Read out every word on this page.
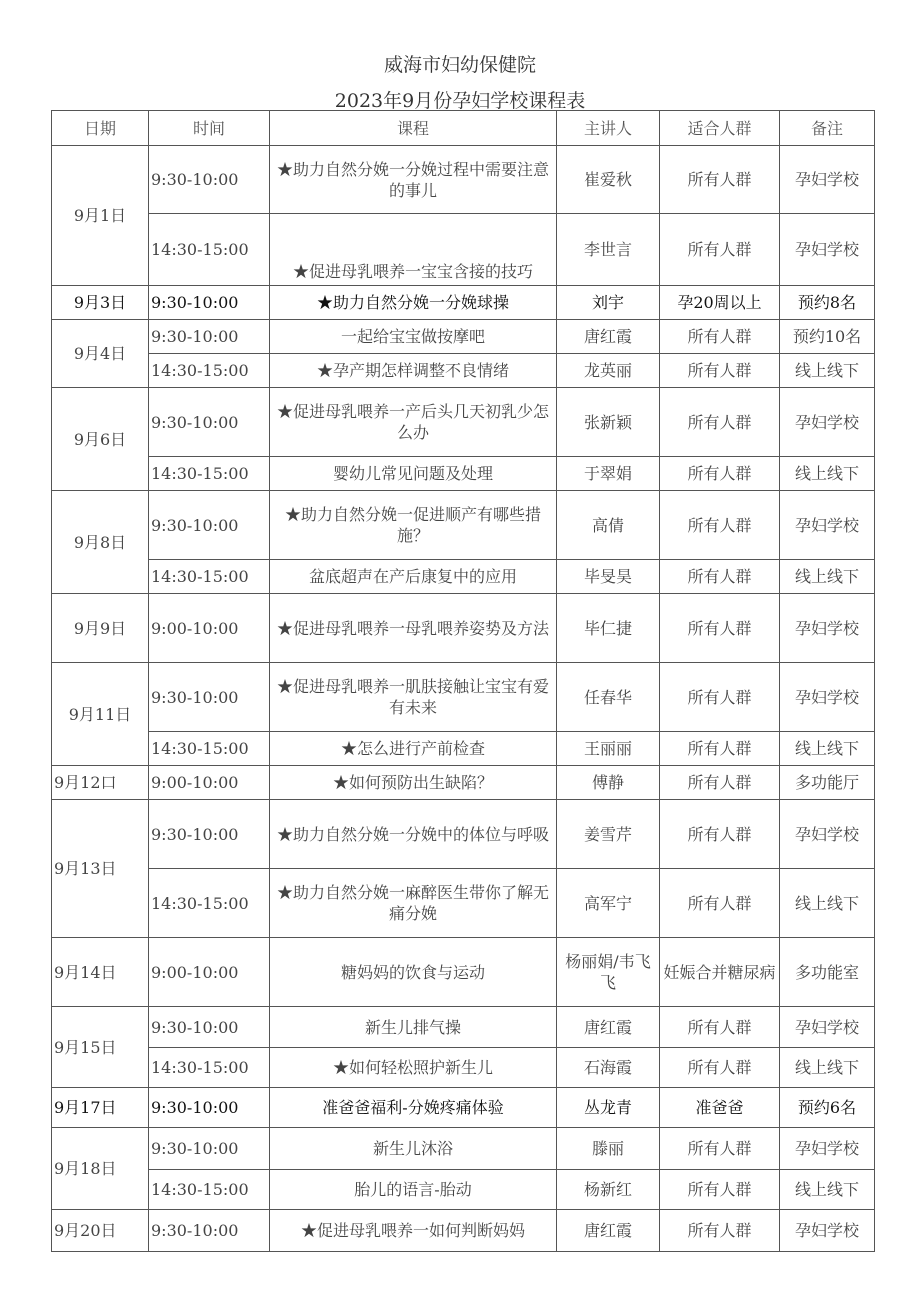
威海市妇幼保健院
2023年9月份孕妇学校课程表
日期	时间	课程	主讲人	适合人群	备注
9月1日	9:30-10:00	★助力自然分娩一分娩过程中需要注意的事儿	崔爱秋	所有人群	孕妇学校
	14:30-15:00	★促进母乳喂养一宝宝含接的技巧	李世言	所有人群	孕妇学校
9月3日	9:30-10:00	★助力自然分娩一分娩球操	刘宇	孕20周以上	预约8名
9月4日	9:30-10:00	一起给宝宝做按摩吧	唐红霞	所有人群	预约10名
	14:30-15:00	★孕产期怎样调整不良情绪	龙英丽	所有人群	线上线下
9月6日	9:30-10:00	★促进母乳喂养一产后头几天初乳少怎么办	张新颖	所有人群	孕妇学校
	14:30-15:00	婴幼儿常见问题及处理	于翠娟	所有人群	线上线下
9月8日	9:30-10:00	★助力自然分娩一促进顺产有哪些措施？	高倩	所有人群	孕妇学校
	14:30-15:00	盆底超声在产后康复中的应用	毕旻昊	所有人群	线上线下
9月9日	9:00-10:00	★促进母乳喂养一母乳喂养姿势及方法	毕仁捷	所有人群	孕妇学校
9月11日	9:30-10:00	★促进母乳喂养一肌肤接触让宝宝有爱有未来	任春华	所有人群	孕妇学校
	14:30-15:00	★怎么进行产前检查	王丽丽	所有人群	线上线下
9月12口	9:00-10:00	★如何预防出生缺陷？	傅静	所有人群	多功能厅
9月13日	9:30-10:00	★助力自然分娩一分娩中的体位与呼吸	姜雪芹	所有人群	孕妇学校
	14:30-15:00	★助力自然分娩一麻醉医生带你了解无痛分娩	高军宁	所有人群	线上线下
9月14日	9:00-10:00	糖妈妈的饮食与运动	杨丽娟/韦飞飞	妊娠合并糖尿病	多功能室
9月15日	9:30-10:00	新生儿排气操	唐红霞	所有人群	孕妇学校
	14:30-15:00	★如何轻松照护新生儿	石海霞	所有人群	线上线下
9月17日	9:30-10:00	准爸爸福利-分娩疼痛体验	丛龙青	准爸爸	预约6名
9月18日	9:30-10:00	新生儿沐浴	滕丽	所有人群	孕妇学校
	14:30-15:00	胎儿的语言-胎动	杨新红	所有人群	线上线下
9月20日	9:30-10:00	★促进母乳喂养一如何判断妈妈	唐红霞	所有人群	孕妇学校
